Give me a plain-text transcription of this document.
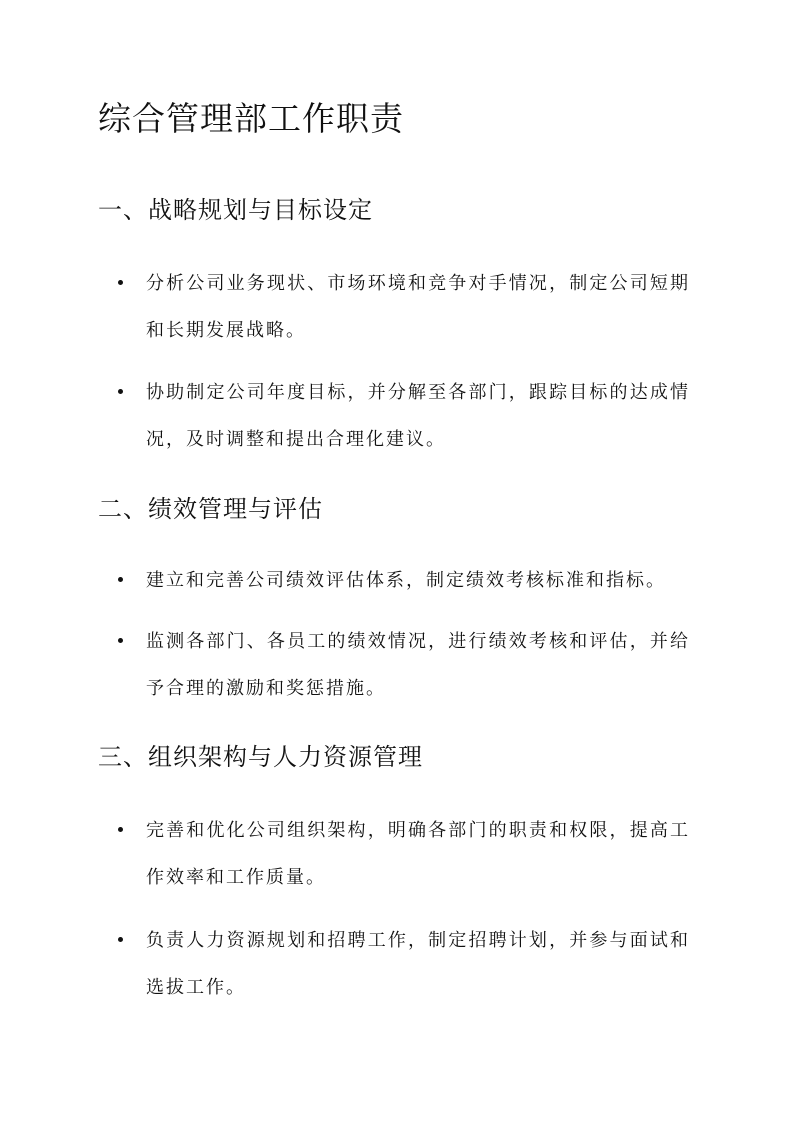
综合管理部工作职责
一、战略规划与目标设定
分析公司业务现状、市场环境和竞争对手情况，制定公司短期和长期发展战略。
协助制定公司年度目标，并分解至各部门，跟踪目标的达成情况，及时调整和提出合理化建议。
二、绩效管理与评估
建立和完善公司绩效评估体系，制定绩效考核标准和指标。
监测各部门、各员工的绩效情况，进行绩效考核和评估，并给予合理的激励和奖惩措施。
三、组织架构与人力资源管理
完善和优化公司组织架构，明确各部门的职责和权限，提高工作效率和工作质量。
负责人力资源规划和招聘工作，制定招聘计划，并参与面试和选拔工作。
